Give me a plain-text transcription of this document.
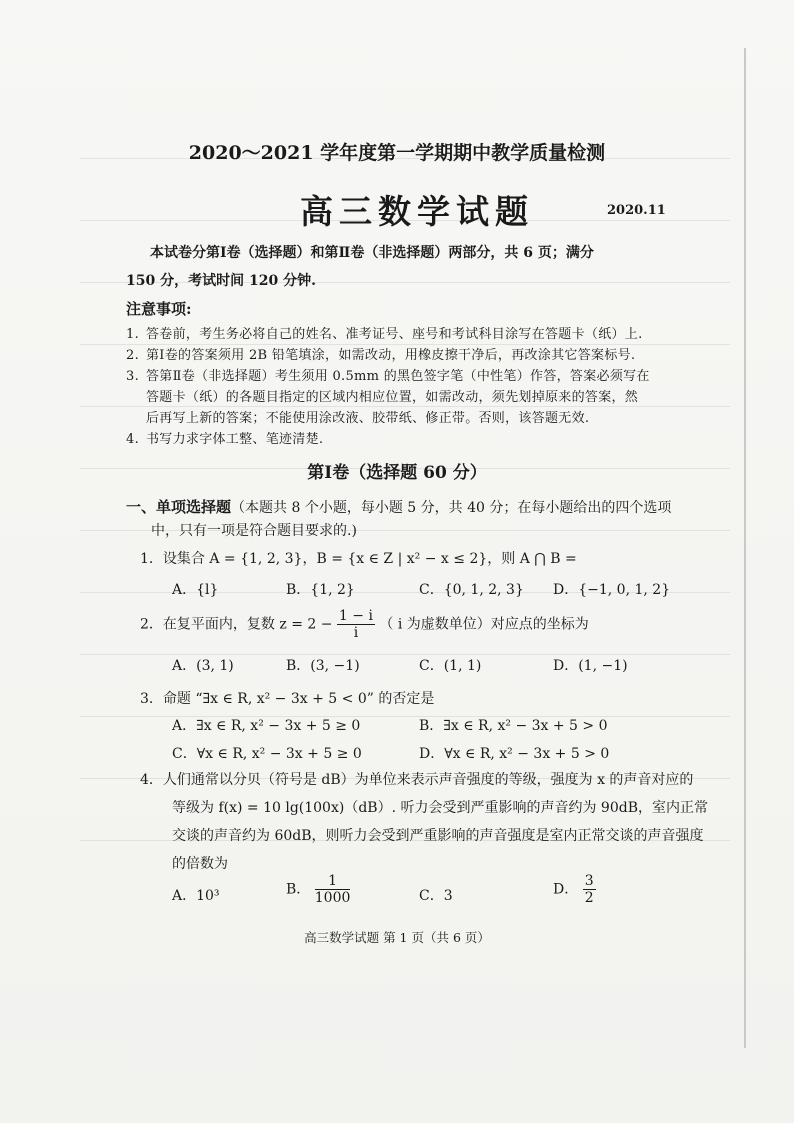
2020～2021 学年度第一学期期中教学质量检测
高三数学试题	2020.11
本试卷分第Ⅰ卷（选择题）和第Ⅱ卷（非选择题）两部分，共 6 页；满分
150 分，考试时间 120 分钟.
注意事项:
1. 答卷前，考生务必将自己的姓名、准考证号、座号和考试科目涂写在答题卡（纸）上.
2. 第Ⅰ卷的答案须用 2B 铅笔填涂，如需改动，用橡皮擦干净后，再改涂其它答案标号.
3. 答第Ⅱ卷（非选择题）考生须用 0.5mm 的黑色签字笔（中性笔）作答，答案必须写在
答题卡（纸）的各题目指定的区域内相应位置，如需改动，须先划掉原来的答案，然
后再写上新的答案；不能使用涂改液、胶带纸、修正带。否则，该答题无效.
4. 书写力求字体工整、笔迹清楚.
第Ⅰ卷（选择题 60 分）
一、单项选择题（本题共 8 个小题，每小题 5 分，共 40 分；在每小题给出的四个选项
中，只有一项是符合题目要求的.)
1．设集合 A = {1, 2, 3}，B = {x ∈ Z | x² − x ≤ 2}，则 A ⋂ B =
A．{l}	B．{1, 2}	C．{0, 1, 2, 3} D．{−1, 0, 1, 2}
2．在复平面内，复数 $z = 2 - \frac{1 - i}{i}$ （ i 为虚数单位）对应点的坐标为
A．(3, 1)	B．(3, −1)	C．(1, 1)	D．(1, −1)
3．命题 “∃x ∈ R, x² − 3x + 5 < 0” 的否定是
A．∃x ∈ R, x² − 3x + 5 ≥ 0	B．∃x ∈ R, x² − 3x + 5 > 0
C．∀x ∈ R, x² − 3x + 5 ≥ 0	D．∀x ∈ R, x² − 3x + 5 > 0
4．人们通常以分贝（符号是 dB）为单位来表示声音强度的等级，强度为 x 的声音对应的
等级为 f(x) = 10 lg(100x)（dB）. 听力会受到严重影响的声音约为 90dB，室内正常
交谈的声音约为 60dB，则听力会受到严重影响的声音强度是室内正常交谈的声音强度
的倍数为
A．10³	B． $\frac{1}{1000}$	C．3	D． $\frac{3}{2}$
高三数学试题 第 1 页（共 6 页）
